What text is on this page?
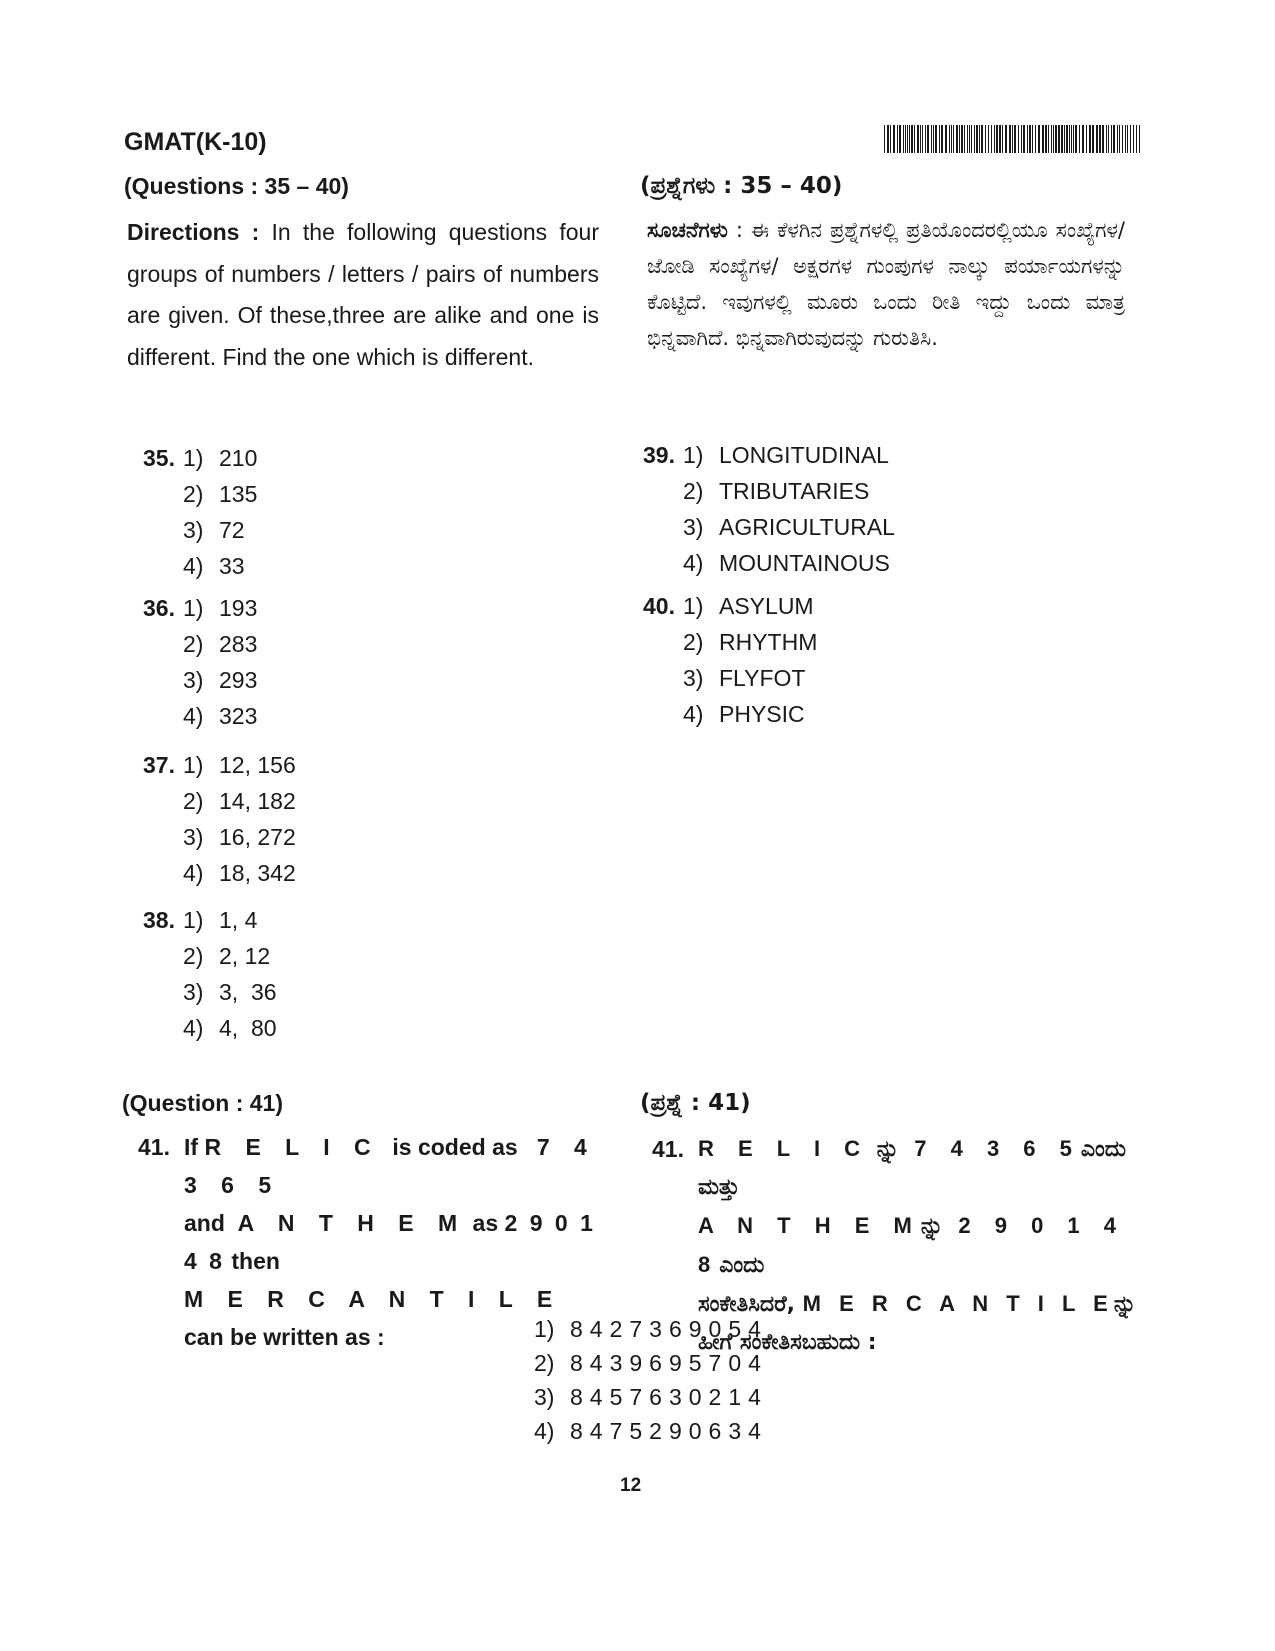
GMAT(K-10)
(Questions : 35 – 40)	(ಪ್ರಶ್ನೆಗಳು : 35 – 40)
Directions : In the following questions four groups of numbers / letters / pairs of numbers are given. Of these,three are alike and one is different. Find the one which is different.
ಸೂಚನೆಗಳು : ಈ ಕೆಳಗಿನ ಪ್ರಶ್ನೆಗಳಲ್ಲಿ ಪ್ರತಿಯೊಂದರಲ್ಲಿಯೂ ಸಂಖ್ಯೆಗಳ/ಜೋಡಿ ಸಂಖ್ಯೆಗಳ/ ಅಕ್ಷರಗಳ ಗುಂಪುಗಳ ನಾಲ್ಕು ಪರ್ಯಾಯಗಳನ್ನು ಕೊಟ್ಟಿದೆ. ಇವುಗಳಲ್ಲಿ ಮೂರು ಒಂದು ರೀತಿ ಇದ್ದು ಒಂದು ಮಾತ್ರ ಭಿನ್ನವಾಗಿದೆ. ಭಿನ್ನವಾಗಿರುವುದನ್ನು ಗುರುತಿಸಿ.
35. 1) 210
2) 135
3) 72
4) 33
36. 1) 193
2) 283
3) 293
4) 323
37. 1) 12, 156
2) 14, 182
3) 16, 272
4) 18, 342
38. 1) 1, 4
2) 2, 12
3) 3,  36
4) 4,  80
39. 1) LONGITUDINAL
2) TRIBUTARIES
3) AGRICULTURAL
4) MOUNTAINOUS
40. 1) ASYLUM
2) RHYTHM
3) FLYFOT
4) PHYSIC
(Question : 41)	(ಪ್ರಶ್ನೆ : 41)
41. If R E L I C is coded as 7 4 3 6 5
and A N T H E M as 2 9 0 1 4 8 then
M E R C A N T I L E   can be written as :
41. R E L I C ನ್ನು 7 4 3 6 5ಎಂದು ಮತ್ತು
A N T H E Mನ್ನು 2 9 0 1 4 8ಎಂದು
ಸಂಕೇತಿಸಿದರೆ, M E R C A N T I L Eನ್ನು
ಹೀಗೆ ಸಂಕೇತಿಸಬಹುದು :
1) 8427369054
2) 8439695704
3) 8457630214
4) 8475290634
12
